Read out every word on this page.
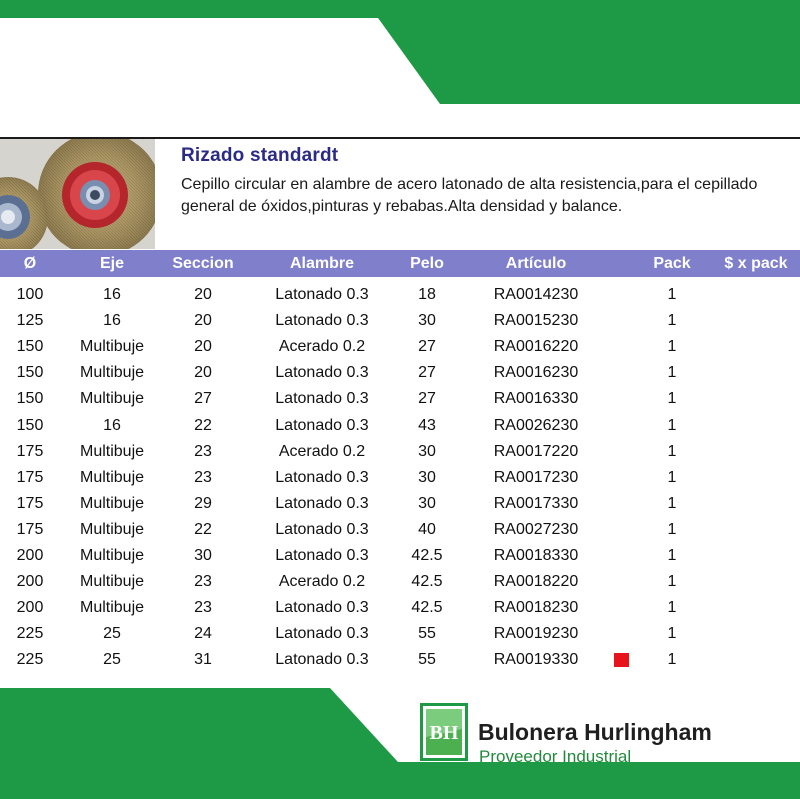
Rizado standardt
Cepillo circular en alambre de acero latonado de alta resistencia,para el cepillado general de óxidos,pinturas y rebabas.Alta densidad y balance.
Ø	Eje	Seccion	Alambre	Pelo	Artículo	Pack	$ x pack
100	16	20	Latonado 0.3	18	RA0014230	1
125	16	20	Latonado 0.3	30	RA0015230	1
150	Multibuje	20	Acerado 0.2	27	RA0016220	1
150	Multibuje	20	Latonado 0.3	27	RA0016230	1
150	Multibuje	27	Latonado 0.3	27	RA0016330	1
150	16	22	Latonado 0.3	43	RA0026230	1
175	Multibuje	23	Acerado 0.2	30	RA0017220	1
175	Multibuje	23	Latonado 0.3	30	RA0017230	1
175	Multibuje	29	Latonado 0.3	30	RA0017330	1
175	Multibuje	22	Latonado 0.3	40	RA0027230	1
200	Multibuje	30	Latonado 0.3	42.5	RA0018330	1
200	Multibuje	23	Acerado 0.2	42.5	RA0018220	1
200	Multibuje	23	Latonado 0.3	42.5	RA0018230	1
225	25	24	Latonado 0.3	55	RA0019230	1
225	25	31	Latonado 0.3	55	RA0019330	1
BH Bulonera Hurlingham
Proveedor Industrial
